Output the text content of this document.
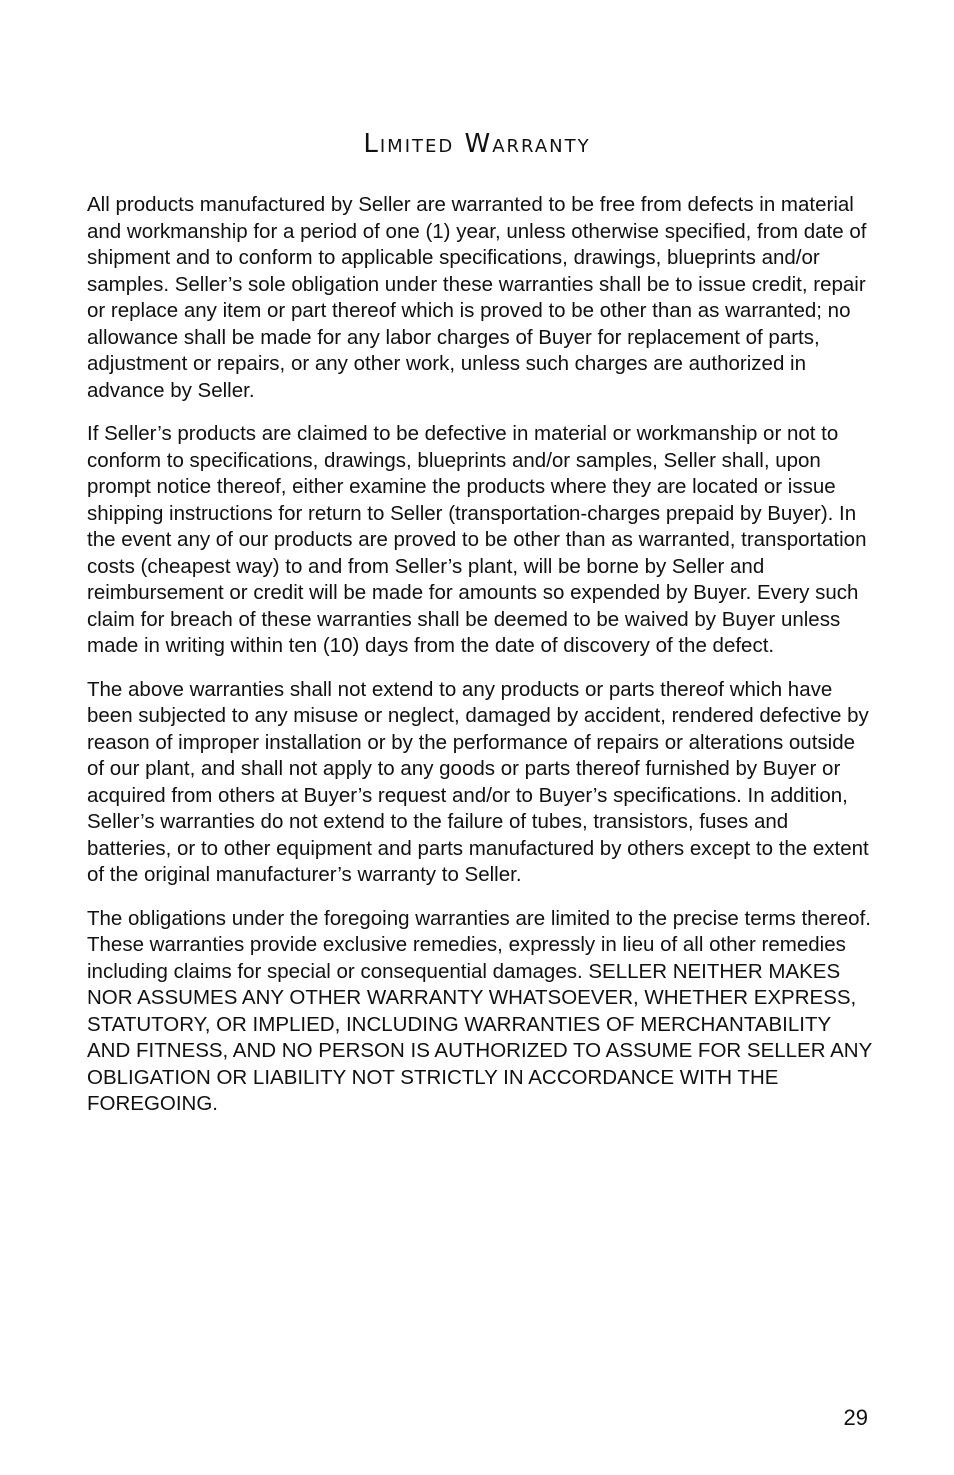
Limited Warranty

All products manufactured by Seller are warranted to be free from defects in material and workmanship for a period of one (1) year, unless otherwise specified, from date of shipment and to conform to applicable specifications, drawings, blueprints and/or samples. Seller’s sole obligation under these warranties shall be to issue credit, repair or replace any item or part thereof which is proved to be other than as warranted; no allowance shall be made for any labor charges of Buyer for replacement of parts, adjustment or repairs, or any other work, unless such charges are authorized in advance by Seller.

If Seller’s products are claimed to be defective in material or workmanship or not to conform to specifications, drawings, blueprints and/or samples, Seller shall, upon prompt notice thereof, either examine the products where they are located or issue shipping instructions for return to Seller (transportation-charges prepaid by Buyer). In the event any of our products are proved to be other than as warranted, transportation costs (cheapest way) to and from Seller’s plant, will be borne by Seller and reimbursement or credit will be made for amounts so expended by Buyer. Every such claim for breach of these warranties shall be deemed to be waived by Buyer unless made in writing within ten (10) days from the date of discovery of the defect.

The above warranties shall not extend to any products or parts thereof which have been subjected to any misuse or neglect, damaged by accident, rendered defective by reason of improper installation or by the performance of repairs or alterations outside of our plant, and shall not apply to any goods or parts thereof furnished by Buyer or acquired from others at Buyer’s request and/or to Buyer’s specifications. In addition, Seller’s warranties do not extend to the failure of tubes, transistors, fuses and batteries, or to other equipment and parts manufactured by others except to the extent of the original manufacturer’s warranty to Seller.

The obligations under the foregoing warranties are limited to the precise terms thereof. These warranties provide exclusive remedies, expressly in lieu of all other remedies including claims for special or consequential damages. SELLER NEITHER MAKES NOR ASSUMES ANY OTHER WARRANTY WHATSOEVER, WHETHER EXPRESS, STATUTORY, OR IMPLIED, INCLUDING WARRANTIES OF MERCHANTABILITY AND FITNESS, AND NO PERSON IS AUTHORIZED TO ASSUME FOR SELLER ANY OBLIGATION OR LIABILITY NOT STRICTLY IN ACCORDANCE WITH THE FOREGOING.

29
